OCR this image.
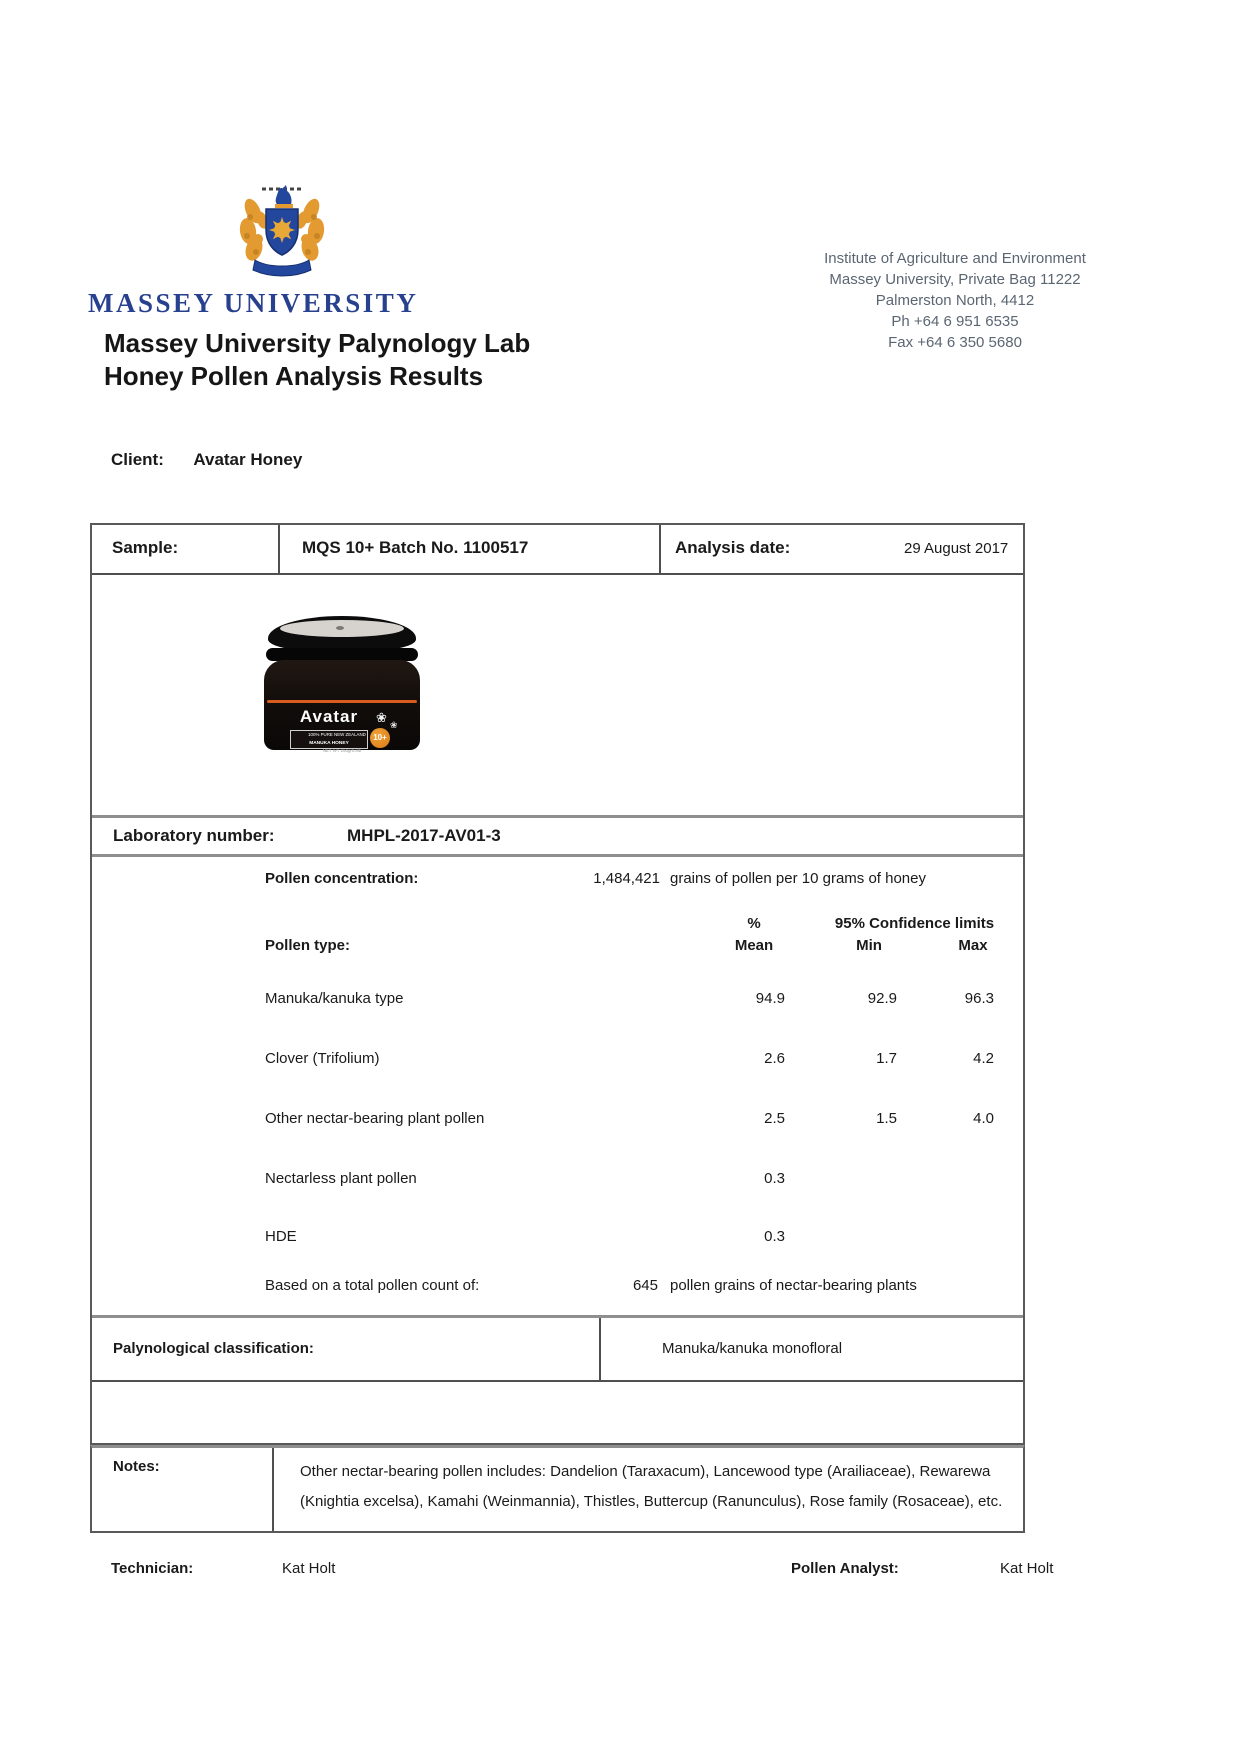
MASSEY UNIVERSITY
Massey University Palynology Lab
Honey Pollen Analysis Results
Institute of Agriculture and Environment
Massey University, Private Bag 11222
Palmerston North, 4412
Ph +64 6 951 6535
Fax +64 6 350 5680
Client: Avatar Honey
Sample:	MQS 10+ Batch No. 1100517	Analysis date:	29 August 2017
Avatar	❀ ❀
100% PURE NEW ZEALAND
MANUKA HONEY
10+
NET WT 250g/0.8lb
Laboratory number:	MHPL-2017-AV01-3
Pollen concentration:	1,484,421 grains of pollen per 10 grams of honey
%	95% Confidence limits
Pollen type:	Mean	Min	Max
Manuka/kanuka type	94.9	92.9	96.3
Clover (Trifolium)	2.6	1.7	4.2
Other nectar-bearing plant pollen	2.5	1.5	4.0
Nectarless plant pollen	0.3
HDE	0.3
Based on a total pollen count of:	645 pollen grains of nectar-bearing plants
Palynological classification:	Manuka/kanuka monofloral
Notes:	Other nectar-bearing pollen includes: Dandelion (Taraxacum), Lancewood type (Arailiaceae), Rewarewa (Knightia excelsa), Kamahi (Weinmannia), Thistles, Buttercup (Ranunculus), Rose family (Rosaceae), etc.
Technician:	Kat Holt	Pollen Analyst:	Kat Holt
